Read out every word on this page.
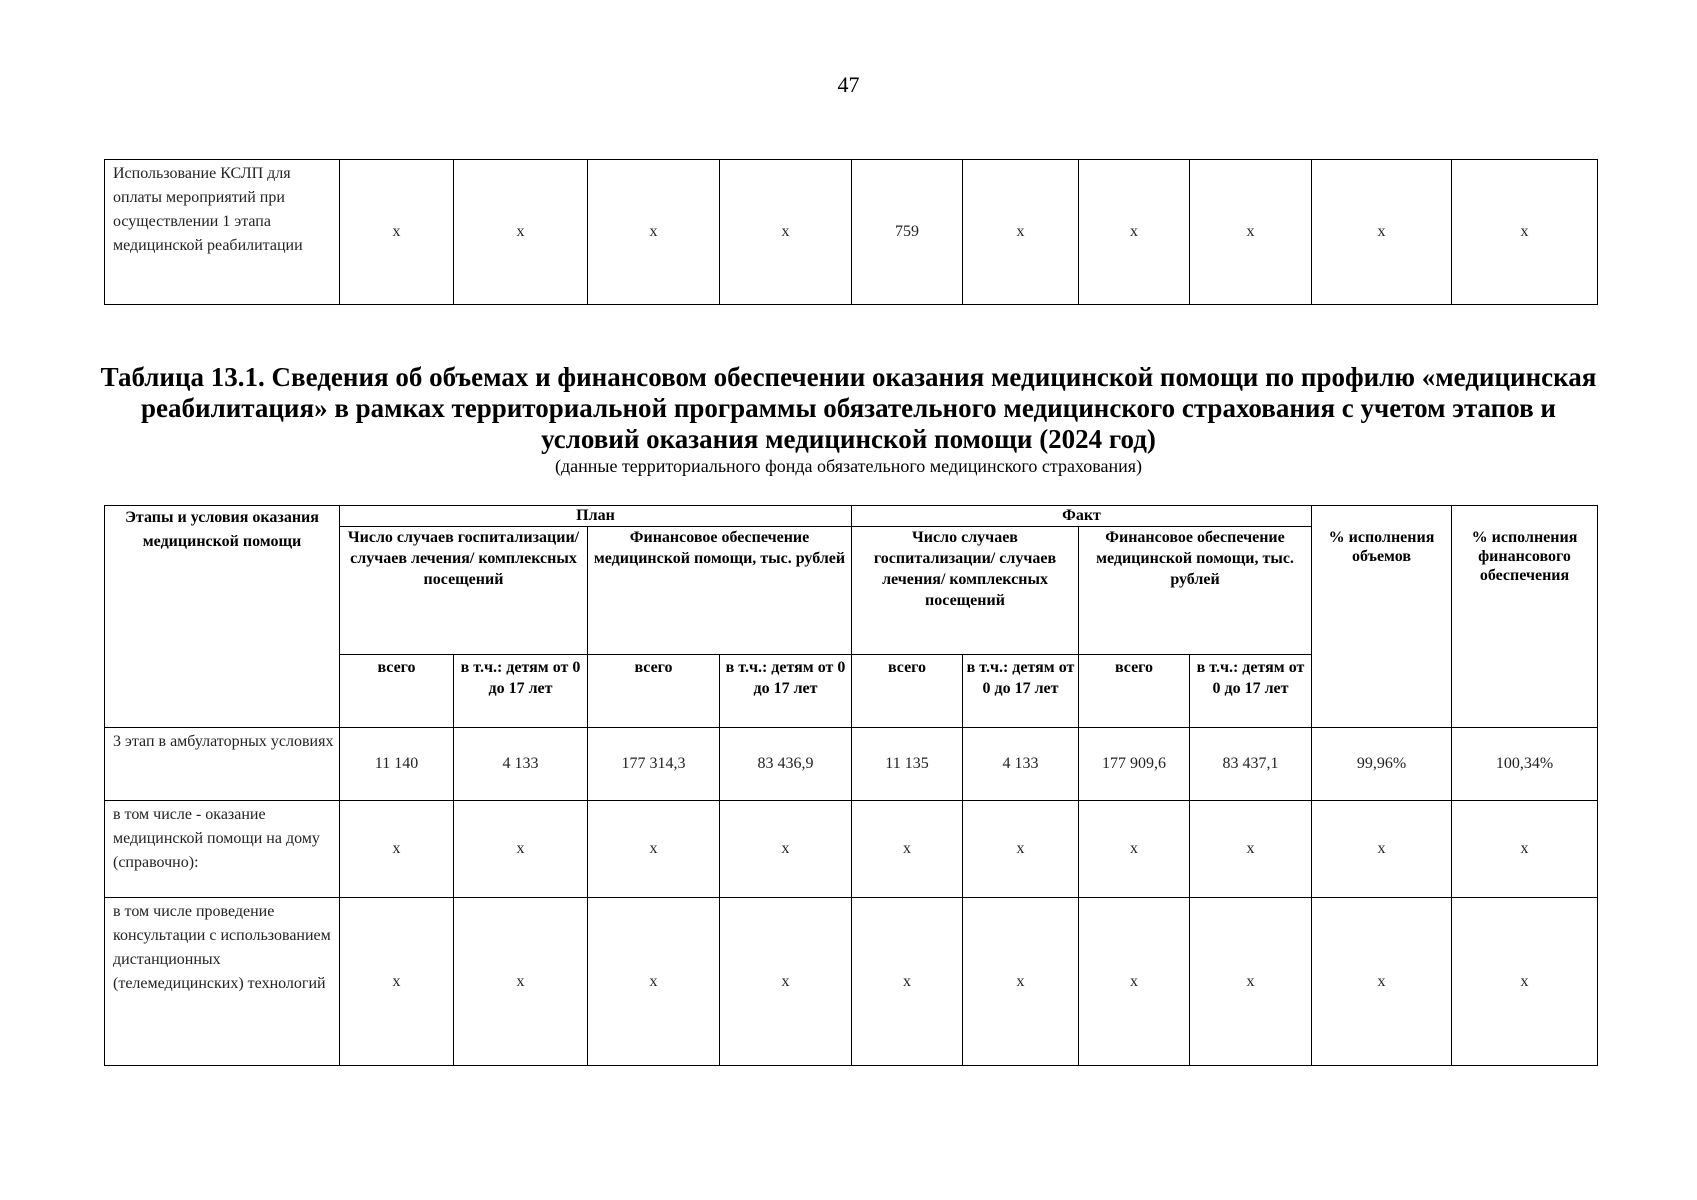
47
Использование КСЛП для оплаты мероприятий при осуществлении 1 этапа медицинской реабилитации	x	x	x	x	759	x	x	x	x	x
Таблица 13.1. Сведения об объемах и финансовом обеспечении оказания медицинской помощи по профилю «медицинская реабилитация» в рамках территориальной программы обязательного медицинского страхования с учетом этапов и условий оказания медицинской помощи (2024 год)
(данные территориального фонда обязательного медицинского страхования)
Этапы и условия оказания медицинской помощи	План				Факт				% исполнения объемов	% исполнения финансового обеспечения
	Число случаев госпитализации/ случаев лечения/ комплексных посещений		Финансовое обеспечение медицинской помощи, тыс. рублей		Число случаев госпитализации/ случаев лечения/ комплексных посещений		Финансовое обеспечение медицинской помощи, тыс. рублей			
	всего	в т.ч.: детям от 0 до 17 лет	всего	в т.ч.: детям от 0 до 17 лет	всего	в т.ч.: детям от 0 до 17 лет	всего	в т.ч.: детям от 0 до 17 лет		
3 этап в амбулаторных условиях	11 140	4 133	177 314,3	83 436,9	11 135	4 133	177 909,6	83 437,1	99,96%	100,34%
в том числе - оказание медицинской помощи на дому (справочно):	x	x	x	x	x	x	x	x	x	x
в том числе проведение консультации с использованием дистанционных (телемедицинских) технологий	x	x	x	x	x	x	x	x	x	x
